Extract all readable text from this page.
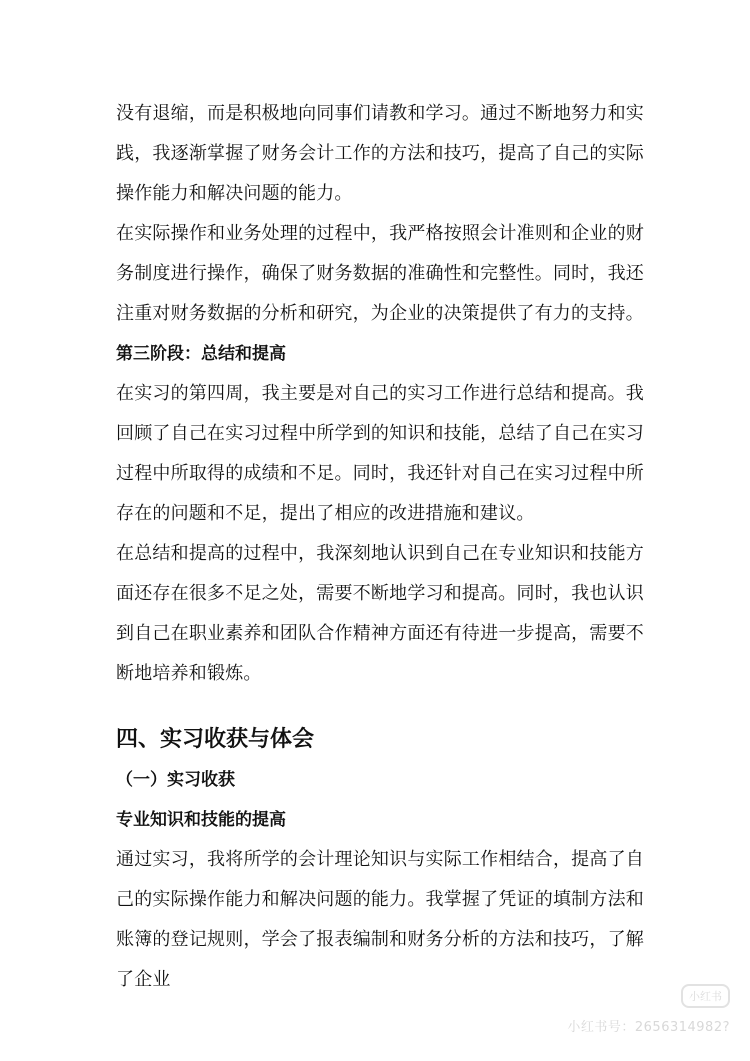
没有退缩，而是积极地向同事们请教和学习。通过不断地努力和实践，我逐渐掌握了财务会计工作的方法和技巧，提高了自己的实际操作能力和解决问题的能力。

在实际操作和业务处理的过程中，我严格按照会计准则和企业的财务制度进行操作，确保了财务数据的准确性和完整性。同时，我还注重对财务数据的分析和研究，为企业的决策提供了有力的支持。

第三阶段：总结和提高

在实习的第四周，我主要是对自己的实习工作进行总结和提高。我回顾了自己在实习过程中所学到的知识和技能，总结了自己在实习过程中所取得的成绩和不足。同时，我还针对自己在实习过程中所存在的问题和不足，提出了相应的改进措施和建议。

在总结和提高的过程中，我深刻地认识到自己在专业知识和技能方面还存在很多不足之处，需要不断地学习和提高。同时，我也认识到自己在职业素养和团队合作精神方面还有待进一步提高，需要不断地培养和锻炼。

四、实习收获与体会

（一）实习收获

专业知识和技能的提高

通过实习，我将所学的会计理论知识与实际工作相结合，提高了自己的实际操作能力和解决问题的能力。我掌握了凭证的填制方法和账簿的登记规则，学会了报表编制和财务分析的方法和技巧，了解了企业

小红书
小红书号：2656314982?
